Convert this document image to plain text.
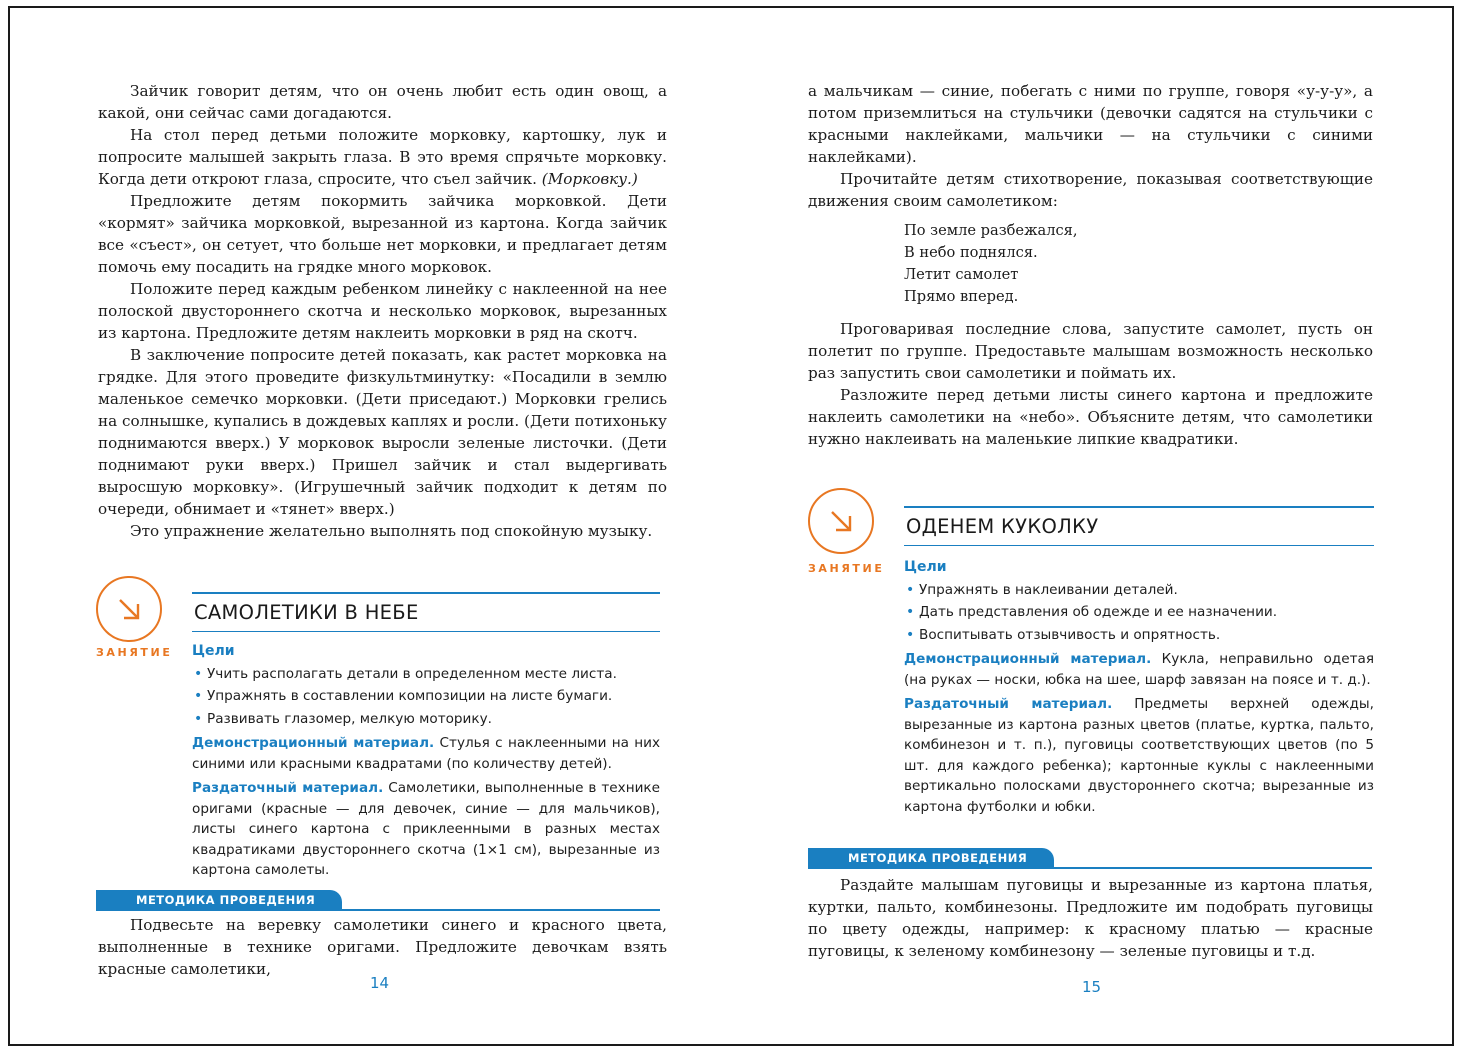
Зайчик говорит детям, что он очень любит есть один овощ, а какой, они сейчас сами догадаются.

На стол перед детьми положите морковку, картошку, лук и попросите малышей закрыть глаза. В это время спрячьте морковку. Когда дети откроют глаза, спросите, что съел зайчик. (Морковку.)

Предложите детям покормить зайчика морковкой. Дети «кормят» зайчика морковкой, вырезанной из картона. Когда зайчик все «съест», он сетует, что больше нет морковки, и предлагает детям помочь ему посадить на грядке много морковок.

Положите перед каждым ребенком линейку с наклеенной на нее полоской двустороннего скотча и несколько морковок, вырезанных из картона. Предложите детям наклеить морковки в ряд на скотч.

В заключение попросите детей показать, как растет морковка на грядке. Для этого проведите физкультминутку: «Посадили в землю маленькое семечко морковки. (Дети приседают.) Морковки грелись на солнышке, купались в дождевых каплях и росли. (Дети потихоньку поднимаются вверх.) У морковок выросли зеленые листочки. (Дети поднимают руки вверх.) Пришел зайчик и стал выдергивать выросшую морковку». (Игрушечный зайчик подходит к детям по очереди, обнимает и «тянет» вверх.)

Это упражнение желательно выполнять под спокойную музыку.

ЗАНЯТИЕ
САМОЛЕТИКИ В НЕБЕ
Цели
• Учить располагать детали в определенном месте листа.
• Упражнять в составлении композиции на листе бумаги.
• Развивать глазомер, мелкую моторику.

Демонстрационный материал. Стулья с наклеенными на них синими или красными квадратами (по количеству детей).

Раздаточный материал. Самолетики, выполненные в технике оригами (красные — для девочек, синие — для мальчиков), листы синего картона с приклеенными в разных местах квадратиками двустороннего скотча (1×1 см), вырезанные из картона самолеты.

МЕТОДИКА ПРОВЕДЕНИЯ

Подвесьте на веревку самолетики синего и красного цвета, выполненные в технике оригами. Предложите девочкам взять красные самолетики,

14

а мальчикам — синие, побегать с ними по группе, говоря «у-у-у», а потом приземлиться на стульчики (девочки садятся на стульчики с красными наклейками, мальчики — на стульчики с синими наклейками).

Прочитайте детям стихотворение, показывая соответствующие движения своим самолетиком:

По земле разбежался,
В небо поднялся.
Летит самолет
Прямо вперед.

Проговаривая последние слова, запустите самолет, пусть он полетит по группе. Предоставьте малышам возможность несколько раз запустить свои самолетики и поймать их.

Разложите перед детьми листы синего картона и предложите наклеить самолетики на «небо». Объясните детям, что самолетики нужно наклеивать на маленькие липкие квадратики.

ЗАНЯТИЕ
ОДЕНЕМ КУКОЛКУ
Цели
• Упражнять в наклеивании деталей.
• Дать представления об одежде и ее назначении.
• Воспитывать отзывчивость и опрятность.

Демонстрационный материал. Кукла, неправильно одетая (на руках — носки, юбка на шее, шарф завязан на поясе и т. д.).

Раздаточный материал. Предметы верхней одежды, вырезанные из картона разных цветов (платье, куртка, пальто, комбинезон и т. п.), пуговицы соответствующих цветов (по 5 шт. для каждого ребенка); картонные куклы с наклеенными вертикально полосками двустороннего скотча; вырезанные из картона футболки и юбки.

МЕТОДИКА ПРОВЕДЕНИЯ

Раздайте малышам пуговицы и вырезанные из картона платья, куртки, пальто, комбинезоны. Предложите им подобрать пуговицы по цвету одежды, например: к красному платью — красные пуговицы, к зеленому комбинезону — зеленые пуговицы и т.д.

15
